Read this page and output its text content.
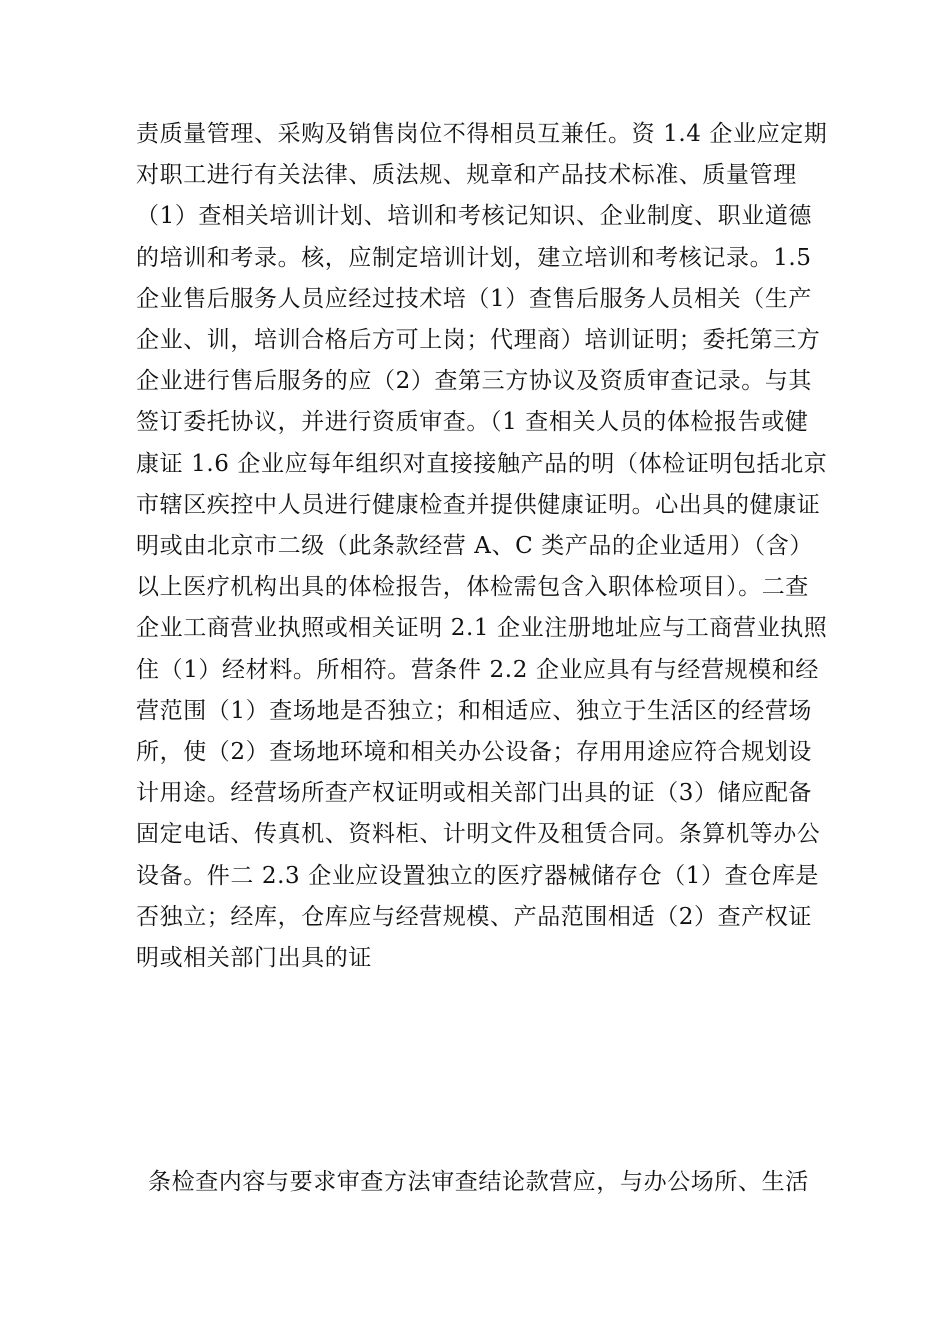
责质量管理、采购及销售岗位不得相员互兼任。资 1.4 企业应定期
对职工进行有关法律、质法规、规章和产品技术标准、质量管理
（1）查相关培训计划、培训和考核记知识、企业制度、职业道德
的培训和考录。核，应制定培训计划，建立培训和考核记录。1.5
企业售后服务人员应经过技术培（1）查售后服务人员相关（生产
企业、训，培训合格后方可上岗；代理商）培训证明；委托第三方
企业进行售后服务的应（2）查第三方协议及资质审查记录。与其
签订委托协议，并进行资质审查。（1 查相关人员的体检报告或健
康证 1.6 企业应每年组织对直接接触产品的明（体检证明包括北京
市辖区疾控中人员进行健康检查并提供健康证明。心出具的健康证
明或由北京市二级（此条款经营 A、C 类产品的企业适用）（含）
以上医疗机构出具的体检报告，体检需包含入职体检项目）。二查
企业工商营业执照或相关证明 2.1 企业注册地址应与工商营业执照
住（1）经材料。所相符。营条件 2.2 企业应具有与经营规模和经
营范围（1）查场地是否独立；和相适应、独立于生活区的经营场
所，使（2）查场地环境和相关办公设备；存用用途应符合规划设
计用途。经营场所查产权证明或相关部门出具的证（3）储应配备
固定电话、传真机、资料柜、计明文件及租赁合同。条算机等办公
设备。件二 2.3 企业应设置独立的医疗器械储存仓（1）查仓库是
否独立；经库，仓库应与经营规模、产品范围相适（2）查产权证
明或相关部门出具的证
条检查内容与要求审查方法审查结论款营应，与办公场所、生活
